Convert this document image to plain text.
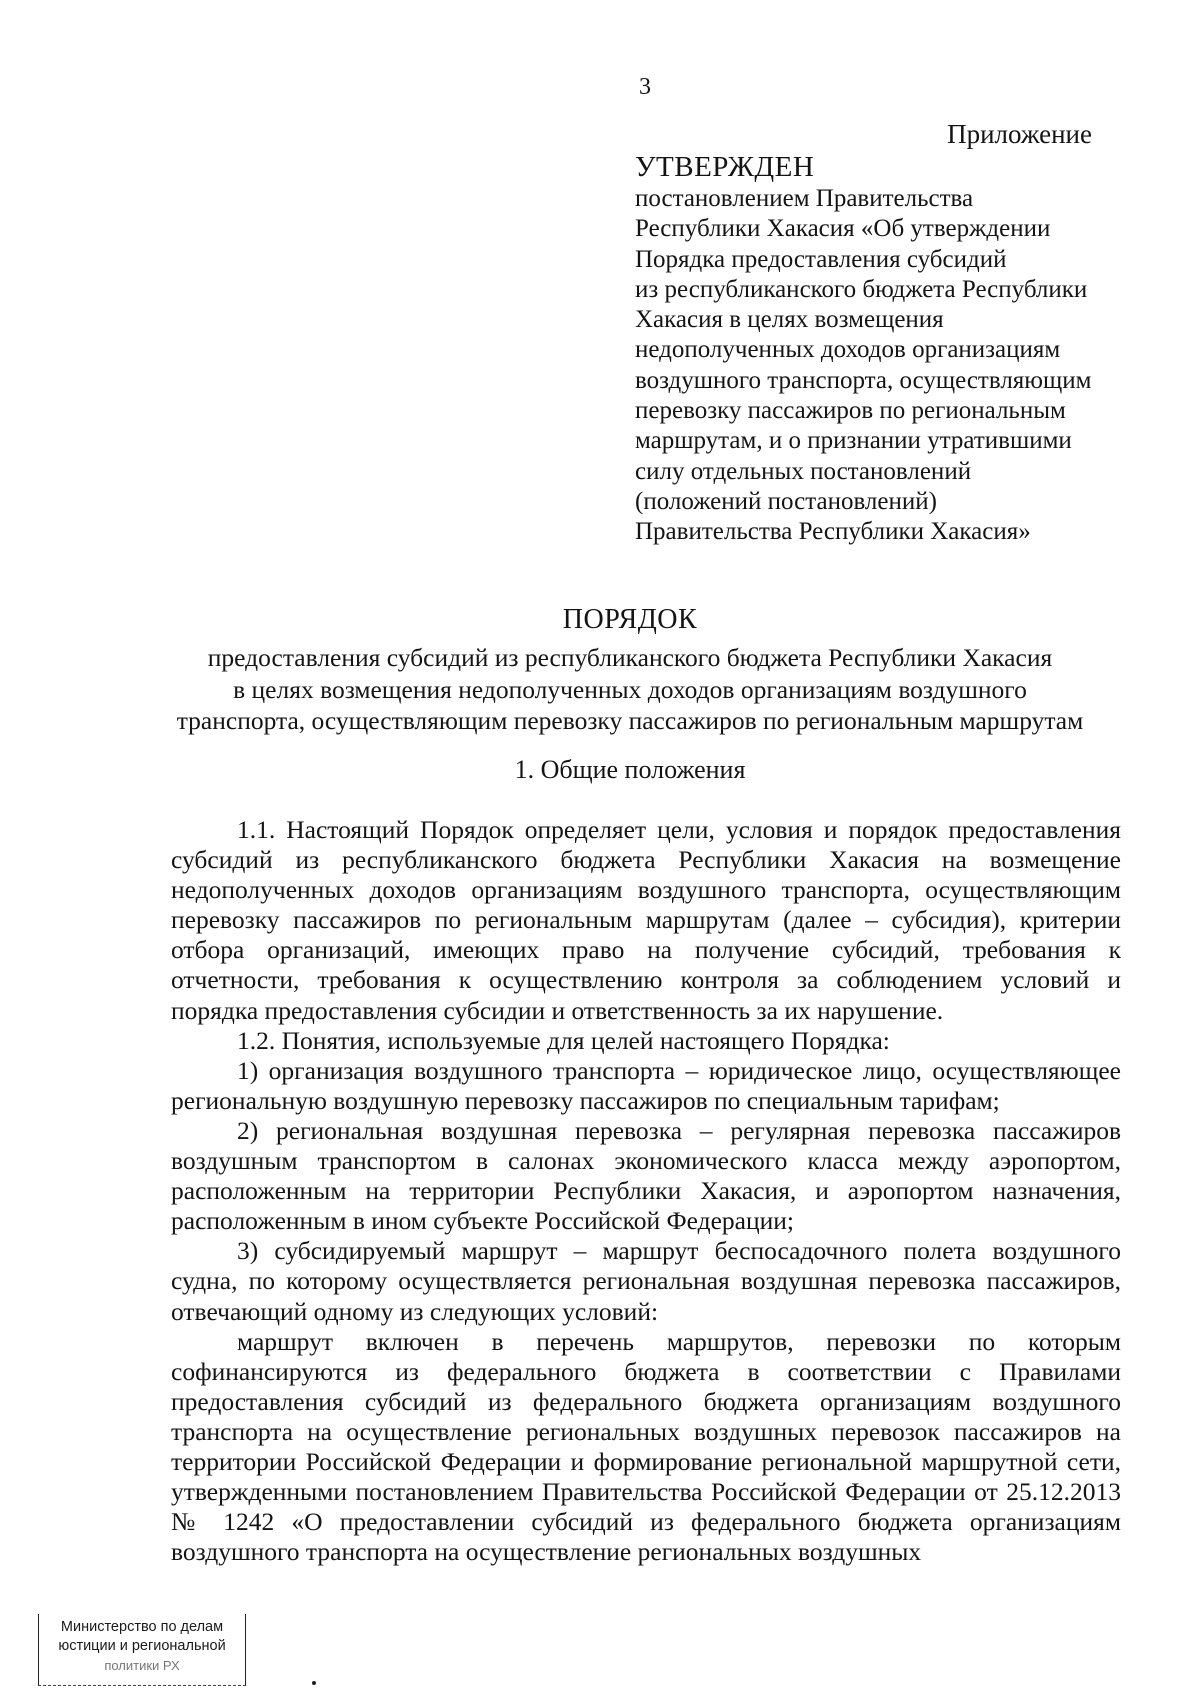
3
Приложение
УТВЕРЖДЕН
постановлением Правительства
Республики Хакасия «Об утверждении
Порядка предоставления субсидий
из республиканского бюджета Республики
Хакасия в целях возмещения
недополученных доходов организациям
воздушного транспорта, осуществляющим
перевозку пассажиров по региональным
маршрутам, и о признании утратившими
силу отдельных постановлений
(положений постановлений)
Правительства Республики Хакасия»
ПОРЯДОК
предоставления субсидий из республиканского бюджета Республики Хакасия
в целях возмещения недополученных доходов организациям воздушного
транспорта, осуществляющим перевозку пассажиров по региональным маршрутам
1. Общие положения

1.1. Настоящий Порядок определяет цели, условия и порядок предоставления субсидий из республиканского бюджета Республики Хакасия на возмещение недополученных доходов организациям воздушного транспорта, осуществляющим перевозку пассажиров по региональным маршрутам (далее – субсидия), критерии отбора организаций, имеющих право на получение субсидий, требования к отчетности, требования к осуществлению контроля за соблюдением условий и порядка предоставления субсидии и ответственность за их нарушение.

1.2. Понятия, используемые для целей настоящего Порядка:

1) организация воздушного транспорта – юридическое лицо, осуществляющее региональную воздушную перевозку пассажиров по специальным тарифам;

2) региональная воздушная перевозка – регулярная перевозка пассажиров воздушным транспортом в салонах экономического класса между аэропортом, расположенным на территории Республики Хакасия, и аэропортом назначения, расположенным в ином субъекте Российской Федерации;

3) субсидируемый маршрут – маршрут беспосадочного полета воздушного судна, по которому осуществляется региональная воздушная перевозка пассажиров, отвечающий одному из следующих условий:

маршрут включен в перечень маршрутов, перевозки по которым софинансируются из федерального бюджета в соответствии с Правилами предоставления субсидий из федерального бюджета организациям воздушного транспорта на осуществление региональных воздушных перевозок пассажиров на территории Российской Федерации и формирование региональной маршрутной сети, утвержденными постановлением Правительства Российской Федерации от 25.12.2013 № 1242 «О предоставлении субсидий из федерального бюджета организациям воздушного транспорта на осуществление региональных воздушных

Министерство по делам
юстиции и региональной
политики РХ
